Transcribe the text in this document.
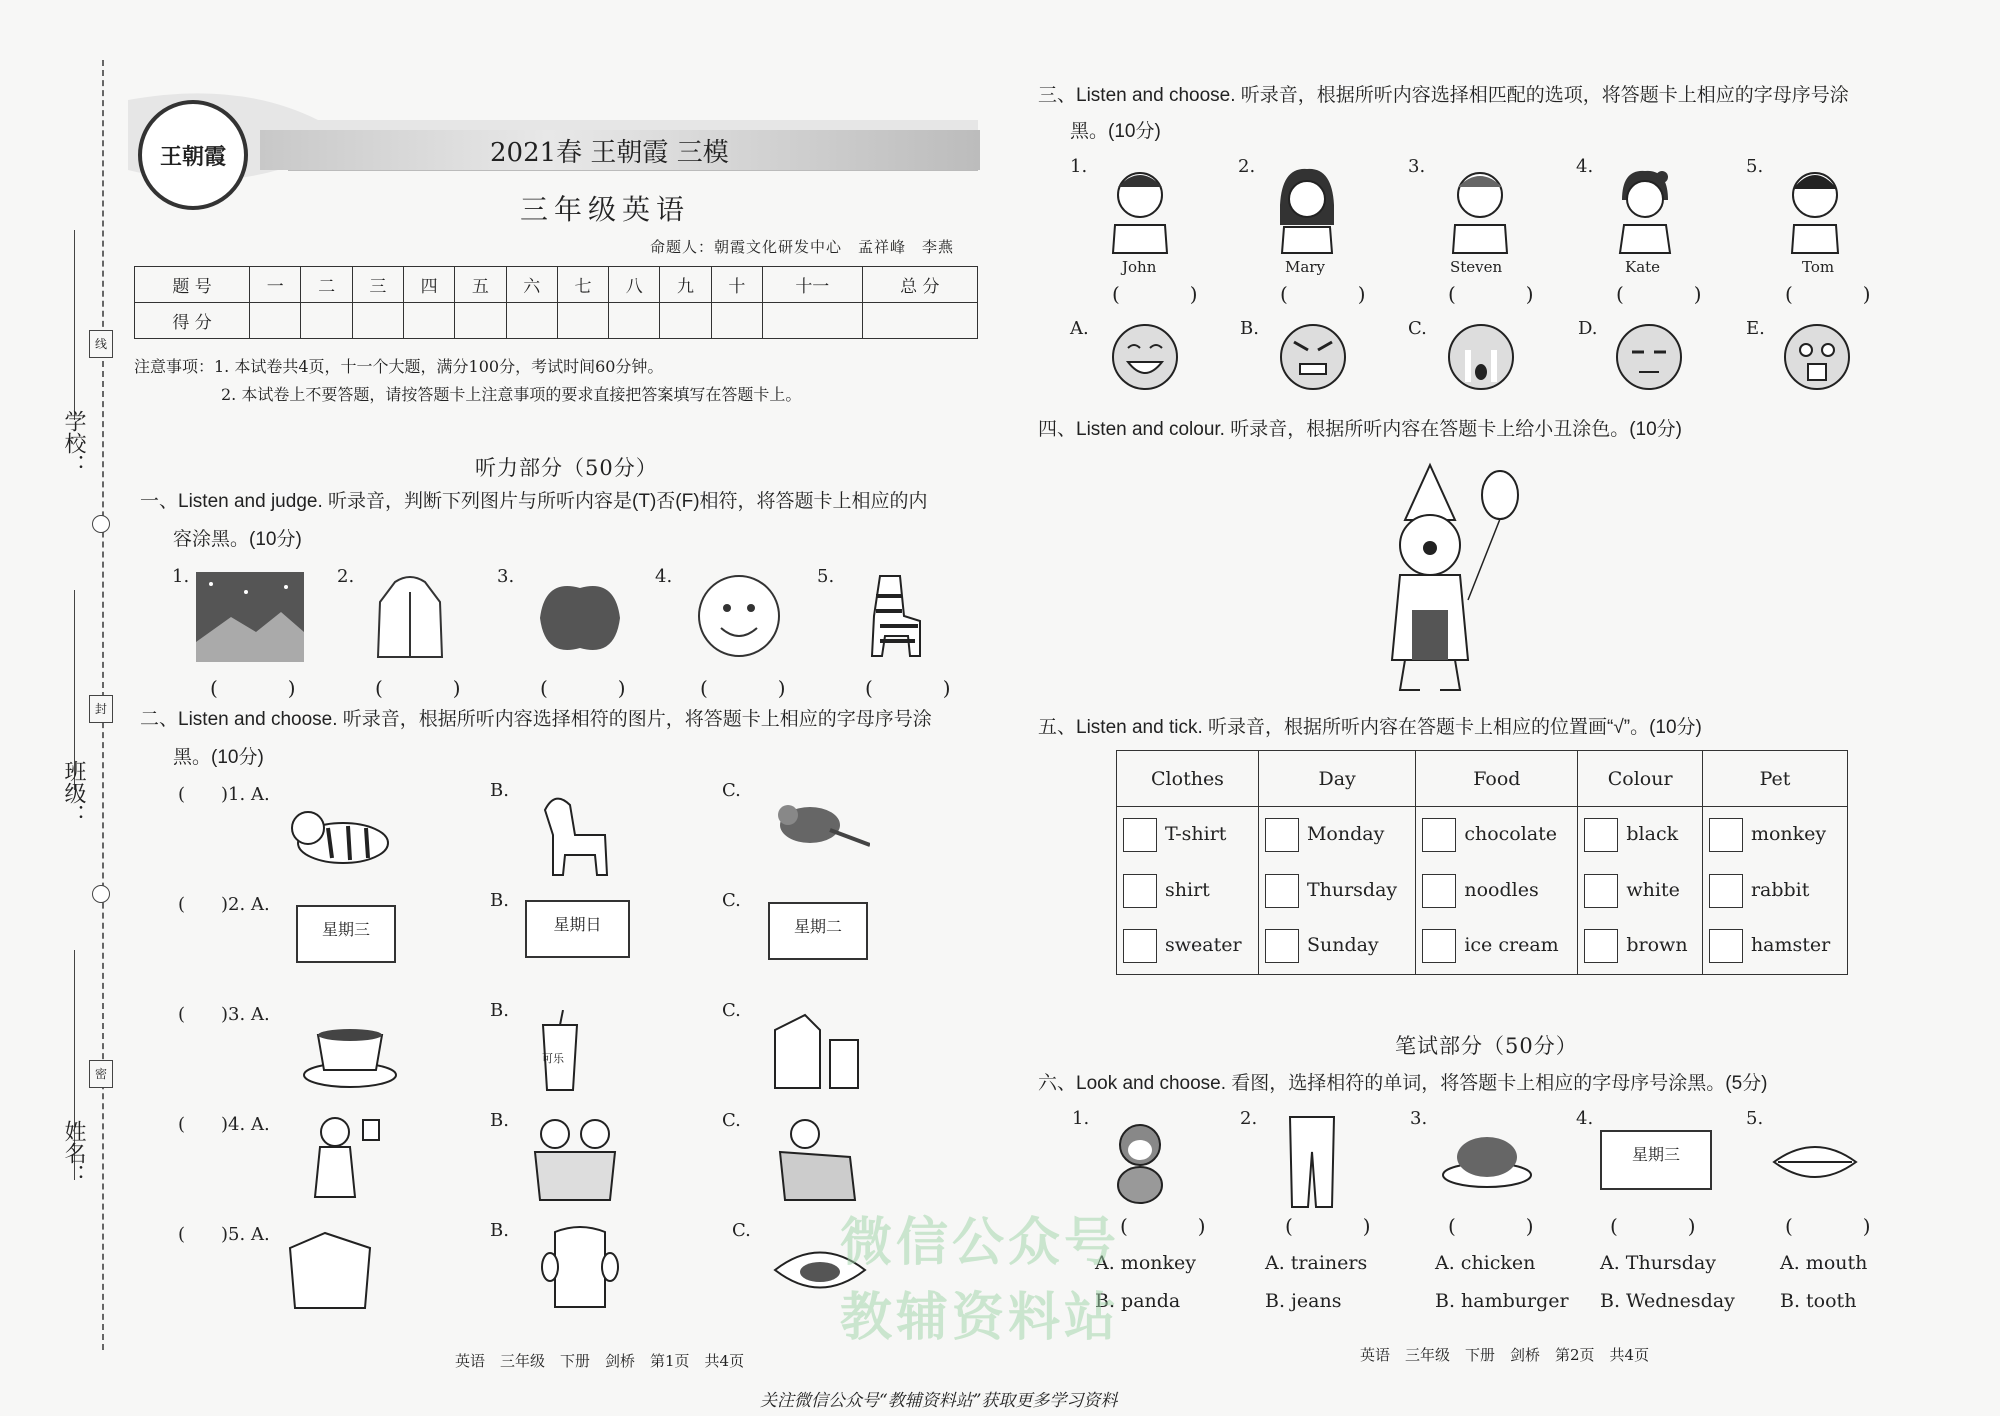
学校：
班级：
姓名：
线
封
密
王朝霞	2021春 王朝霞 三模
三年级英语
命题人：朝霞文化研发中心　孟祥峰　李燕
题 号	一	二	三	四	五	六	七	八	九	十	十一	总 分
得 分												
注意事项：1. 本试卷共4页，十一个大题，满分100分，考试时间60分钟。
2. 本试卷上不要答题，请按答题卡上注意事项的要求直接把答案填写在答题卡上。
听力部分（50分）
一、Listen and judge. 听录音，判断下列图片与所听内容是(T)否(F)相符，将答题卡上相应的内
容涂黑。(10分)
1.
(　　)
2.
(　　)
3.
(　　)
4.
(　　)
5.
(　　)
二、Listen and choose. 听录音，根据所听内容选择相符的图片，将答题卡上相应的字母序号涂
黑。(10分)
(　　)1. A.	B.	C.
(　　)2. A.
星期三
B.
星期日
C.
星期二
(　　)3. A.	B.
可乐
C.
(　　)4. A.	B.	C.
(　　)5. A.	B.	C.
英语　三年级　下册　剑桥　第1页　共4页
三、Listen and choose. 听录音，根据所听内容选择相匹配的选项，将答题卡上相应的字母序号涂
黑。(10分)
1.
John
(　　)
2.
Mary
(　　)
3.
Steven
(　　)
4.
Kate
(　　)
5.
Tom
(　　)
A.	B.	C.	D.	E.
四、Listen and colour. 听录音，根据所听内容在答题卡上给小丑涂色。(10分)
五、Listen and tick. 听录音，根据所听内容在答题卡上相应的位置画“√”。(10分)
Clothes	Day	Food	Colour	Pet
T-shirt	Monday	chocolate	black	monkey
shirt	Thursday	noodles	white	rabbit
sweater	Sunday	ice cream	brown	hamster
笔试部分（50分）
六、Look and choose. 看图，选择相符的单词，将答题卡上相应的字母序号涂黑。(5分)
1.
(　　)
A. monkey
B. panda
2.
(　　)
A. trainers
B. jeans
3.
(　　)
A. chicken
B. hamburger
4.
星期三
(　　)
A. Thursday
B. Wednesday
5.
(　　)
A. mouth
B. tooth
英语　三年级　下册　剑桥　第2页　共4页
关注微信公众号“教辅资料站”获取更多学习资料
微信公众号
教辅资料站
